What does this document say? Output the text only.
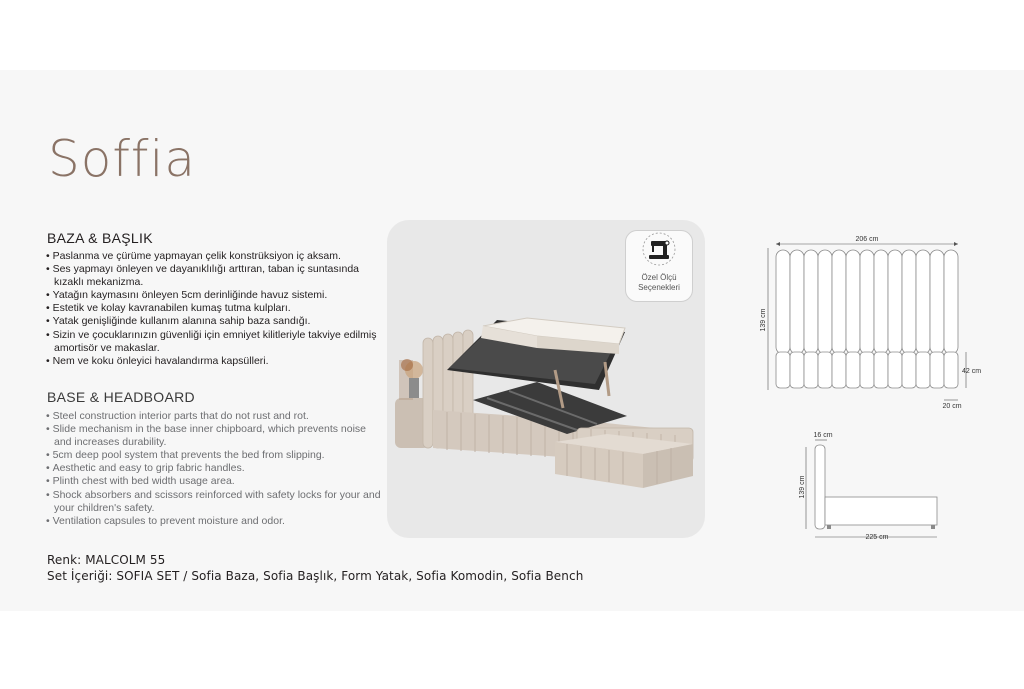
Soffia
BAZA & BAŞLIK
• Paslanma ve çürüme yapmayan çelik konstrüksiyon iç aksam.
• Ses yapmayı önleyen ve dayanıklılığı arttıran, taban iç suntasında kızaklı mekanizma.
• Yatağın kaymasını önleyen 5cm derinliğinde havuz sistemi.
• Estetik ve kolay kavranabilen kumaş tutma kulpları.
• Yatak genişliğinde kullanım alanına sahip baza sandığı.
• Sizin ve çocuklarınızın güvenliği için emniyet kilitleriyle takviye edilmiş amortisör ve makaslar.
• Nem ve koku önleyici havalandırma kapsülleri.
BASE & HEADBOARD
• Steel construction interior parts that do not rust and rot.
• Slide mechanism in the base inner chipboard, which prevents noise and increases durability.
• 5cm deep pool system that prevents the bed from slipping.
• Aesthetic and easy to grip fabric handles.
• Plinth chest with bed width usage area.
• Shock absorbers and scissors reinforced with safety locks for your and your children's safety.
• Ventilation capsules to prevent moisture and odor.
Renk: MALCOLM 55
Set İçeriği: SOFIA SET / Sofia Baza, Sofia Başlık, Form Yatak, Sofia Komodin, Sofia Bench
Özel Ölçü
Seçenekleri
206 cm
139 cm
42 cm
20 cm
16 cm
139 cm
225 cm
